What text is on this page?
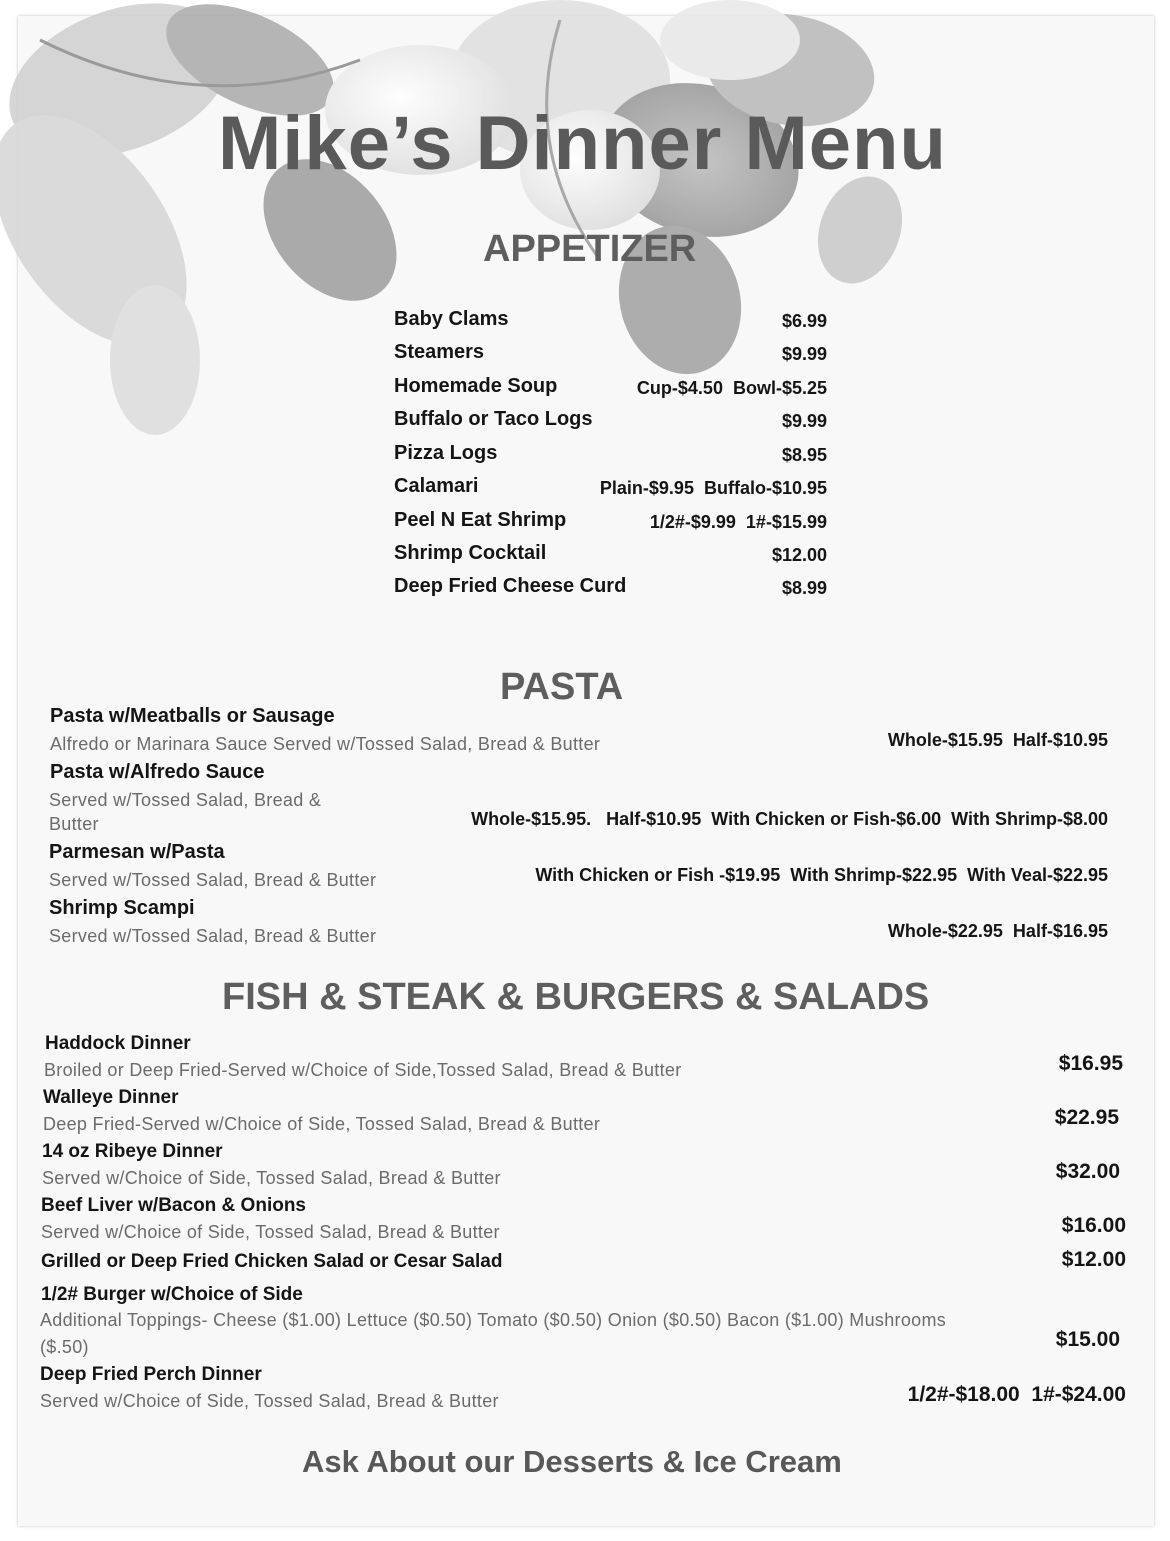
Mike’s Dinner Menu
APPETIZER
Baby Clams	$6.99
Steamers	$9.99
Homemade Soup	Cup-$4.50  Bowl-$5.25
Buffalo or Taco Logs	$9.99
Pizza Logs	$8.95
Calamari	Plain-$9.95  Buffalo-$10.95
Peel N Eat Shrimp	1/2#-$9.99  1#-$15.99
Shrimp Cocktail	$12.00
Deep Fried Cheese Curd	$8.99
PASTA
Pasta w/Meatballs or Sausage
Alfredo or Marinara Sauce Served w/Tossed Salad, Bread & Butter	Whole-$15.95  Half-$10.95
Pasta w/Alfredo Sauce
Served w/Tossed Salad, Bread &
Butter	Whole-$15.95.   Half-$10.95  With Chicken or Fish-$6.00  With Shrimp-$8.00
Parmesan w/Pasta
Served w/Tossed Salad, Bread & Butter	With Chicken or Fish -$19.95  With Shrimp-$22.95  With Veal-$22.95
Shrimp Scampi
Served w/Tossed Salad, Bread & Butter	Whole-$22.95  Half-$16.95
FISH & STEAK & BURGERS & SALADS
Haddock Dinner
Broiled or Deep Fried-Served w/Choice of Side,Tossed Salad, Bread & Butter	$16.95
Walleye Dinner
Deep Fried-Served w/Choice of Side, Tossed Salad, Bread & Butter	$22.95
14 oz Ribeye Dinner
Served w/Choice of Side, Tossed Salad, Bread & Butter	$32.00
Beef Liver w/Bacon & Onions
Served w/Choice of Side, Tossed Salad, Bread & Butter	$16.00
Grilled or Deep Fried Chicken Salad or Cesar Salad	$12.00
1/2# Burger w/Choice of Side
Additional Toppings- Cheese ($1.00) Lettuce ($0.50) Tomato ($0.50) Onion ($0.50) Bacon ($1.00) Mushrooms
($.50)	$15.00
Deep Fried Perch Dinner
Served w/Choice of Side, Tossed Salad, Bread & Butter	1/2#-$18.00  1#-$24.00
Ask About our Desserts & Ice Cream
